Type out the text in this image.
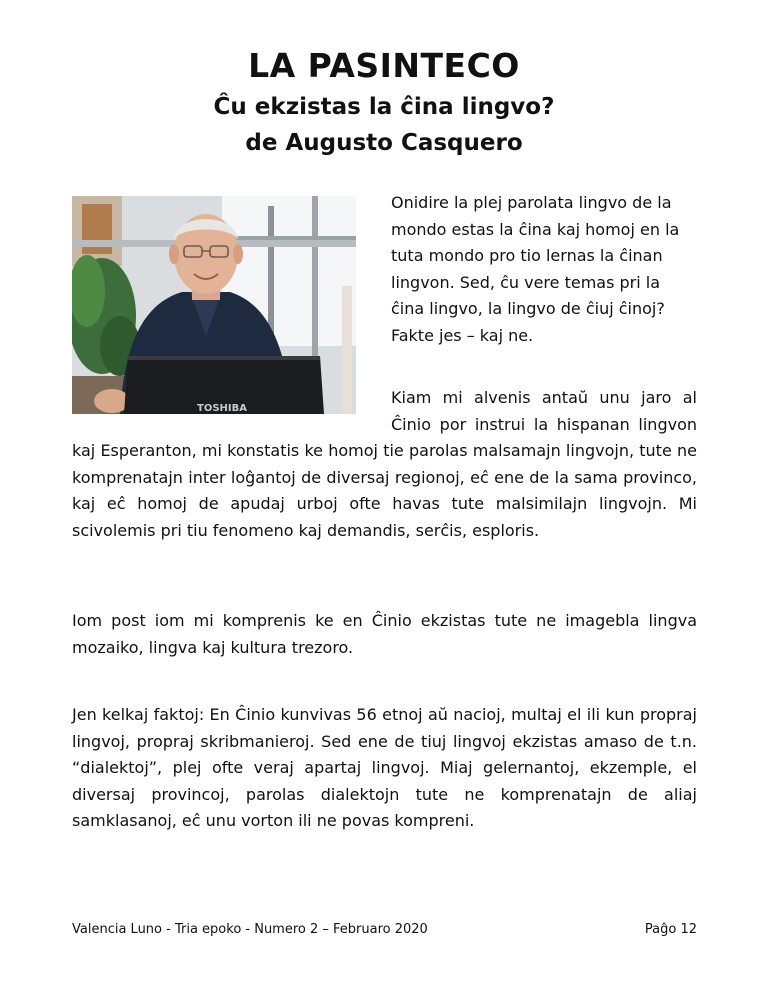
LA PASINTECO
Ĉu ekzistas la ĉina lingvo?
de Augusto Casquero
TOSHIBA

Onidire la plej parolata lingvo de la mondo estas la ĉina kaj homoj en la tuta mondo pro tio lernas la ĉinan lingvon. Sed, ĉu vere temas pri la ĉina lingvo, la lingvo de ĉiuj ĉinoj? Fakte jes – kaj ne.

Kiam mi alvenis antaŭ unu jaro al Ĉinio por instrui la hispanan lingvon kaj Esperanton, mi konstatis ke homoj tie parolas malsamajn lingvojn, tute ne komprenatajn inter loĝantoj de diversaj regionoj, eĉ ene de la sama provinco, kaj eĉ homoj de apudaj urboj ofte havas tute malsimilajn lingvojn. Mi scivolemis pri tiu fenomeno kaj demandis, serĉis, esploris.

Iom post iom mi komprenis ke en Ĉinio ekzistas tute ne imagebla lingva mozaiko, lingva kaj kultura trezoro.

Jen kelkaj faktoj: En Ĉinio kunvivas 56 etnoj aŭ nacioj, multaj el ili kun propraj lingvoj, propraj skribmanieroj. Sed ene de tiuj lingvoj ekzistas amaso de t.n. “dialektoj”, plej ofte veraj apartaj lingvoj. Miaj gelernantoj, ekzemple, el diversaj provincoj, parolas dialektojn tute ne komprenatajn de aliaj samklasanoj, eĉ unu vorton ili ne povas kompreni.

Valencia Luno - Tria epoko - Numero 2 – Februaro 2020	Paĝo 12
